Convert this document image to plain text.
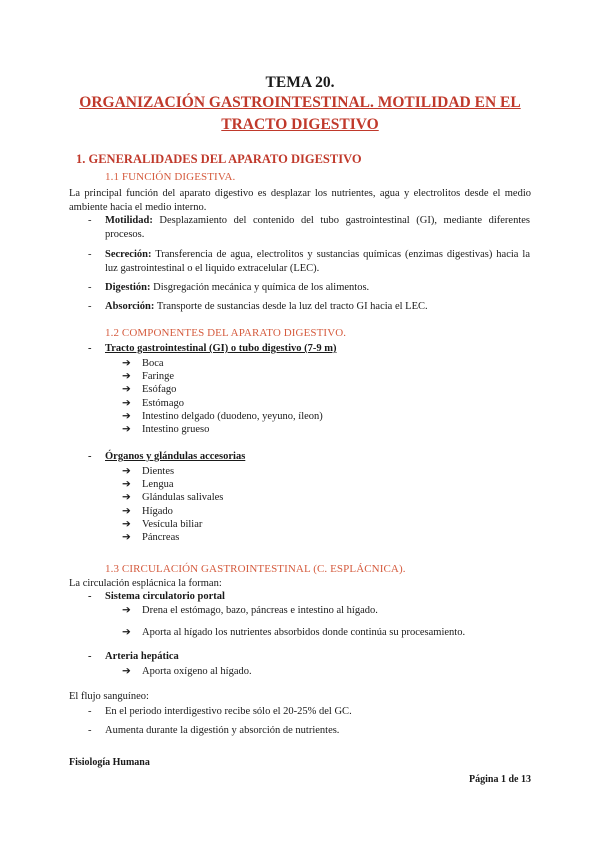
TEMA 20.
ORGANIZACIÓN GASTROINTESTINAL. MOTILIDAD EN EL
TRACTO DIGESTIVO
1. GENERALIDADES DEL APARATO DIGESTIVO
1.1 FUNCIÓN DIGESTIVA.
La principal función del aparato digestivo es desplazar los nutrientes, agua y electrolitos desde el medio ambiente hacia el medio interno.
- Motilidad: Desplazamiento del contenido del tubo gastrointestinal (GI), mediante diferentes procesos.
- Secreción: Transferencia de agua, electrolitos y sustancias químicas (enzimas digestivas) hacia la luz gastrointestinal o el liquido extracelular (LEC).
- Digestión: Disgregación mecánica y química de los alimentos.
- Absorción: Transporte de sustancias desde la luz del tracto GI hacia el LEC.
1.2 COMPONENTES DEL APARATO DIGESTIVO.
- Tracto gastrointestinal (GI) o tubo digestivo (7-9 m)
➔ Boca
➔ Faringe
➔ Esófago
➔ Estómago
➔ Intestino delgado (duodeno, yeyuno, íleon)
➔ Intestino grueso
- Órganos y glándulas accesorias
➔ Dientes
➔ Lengua
➔ Glándulas salivales
➔ Hígado
➔ Vesícula biliar
➔ Páncreas
1.3 CIRCULACIÓN GASTROINTESTINAL (C. ESPLÁCNICA).
La circulación esplácnica la forman:
- Sistema circulatorio portal
➔ Drena el estómago, bazo, páncreas e intestino al hígado.
➔ Aporta al hígado los nutrientes absorbidos donde continúa su procesamiento.
- Arteria hepática
➔ Aporta oxígeno al hígado.
El flujo sanguíneo:
- En el periodo interdigestivo recibe sólo el 20-25% del GC.
- Aumenta durante la digestión y absorción de nutrientes.
Fisiología Humana
Página 1 de 13
